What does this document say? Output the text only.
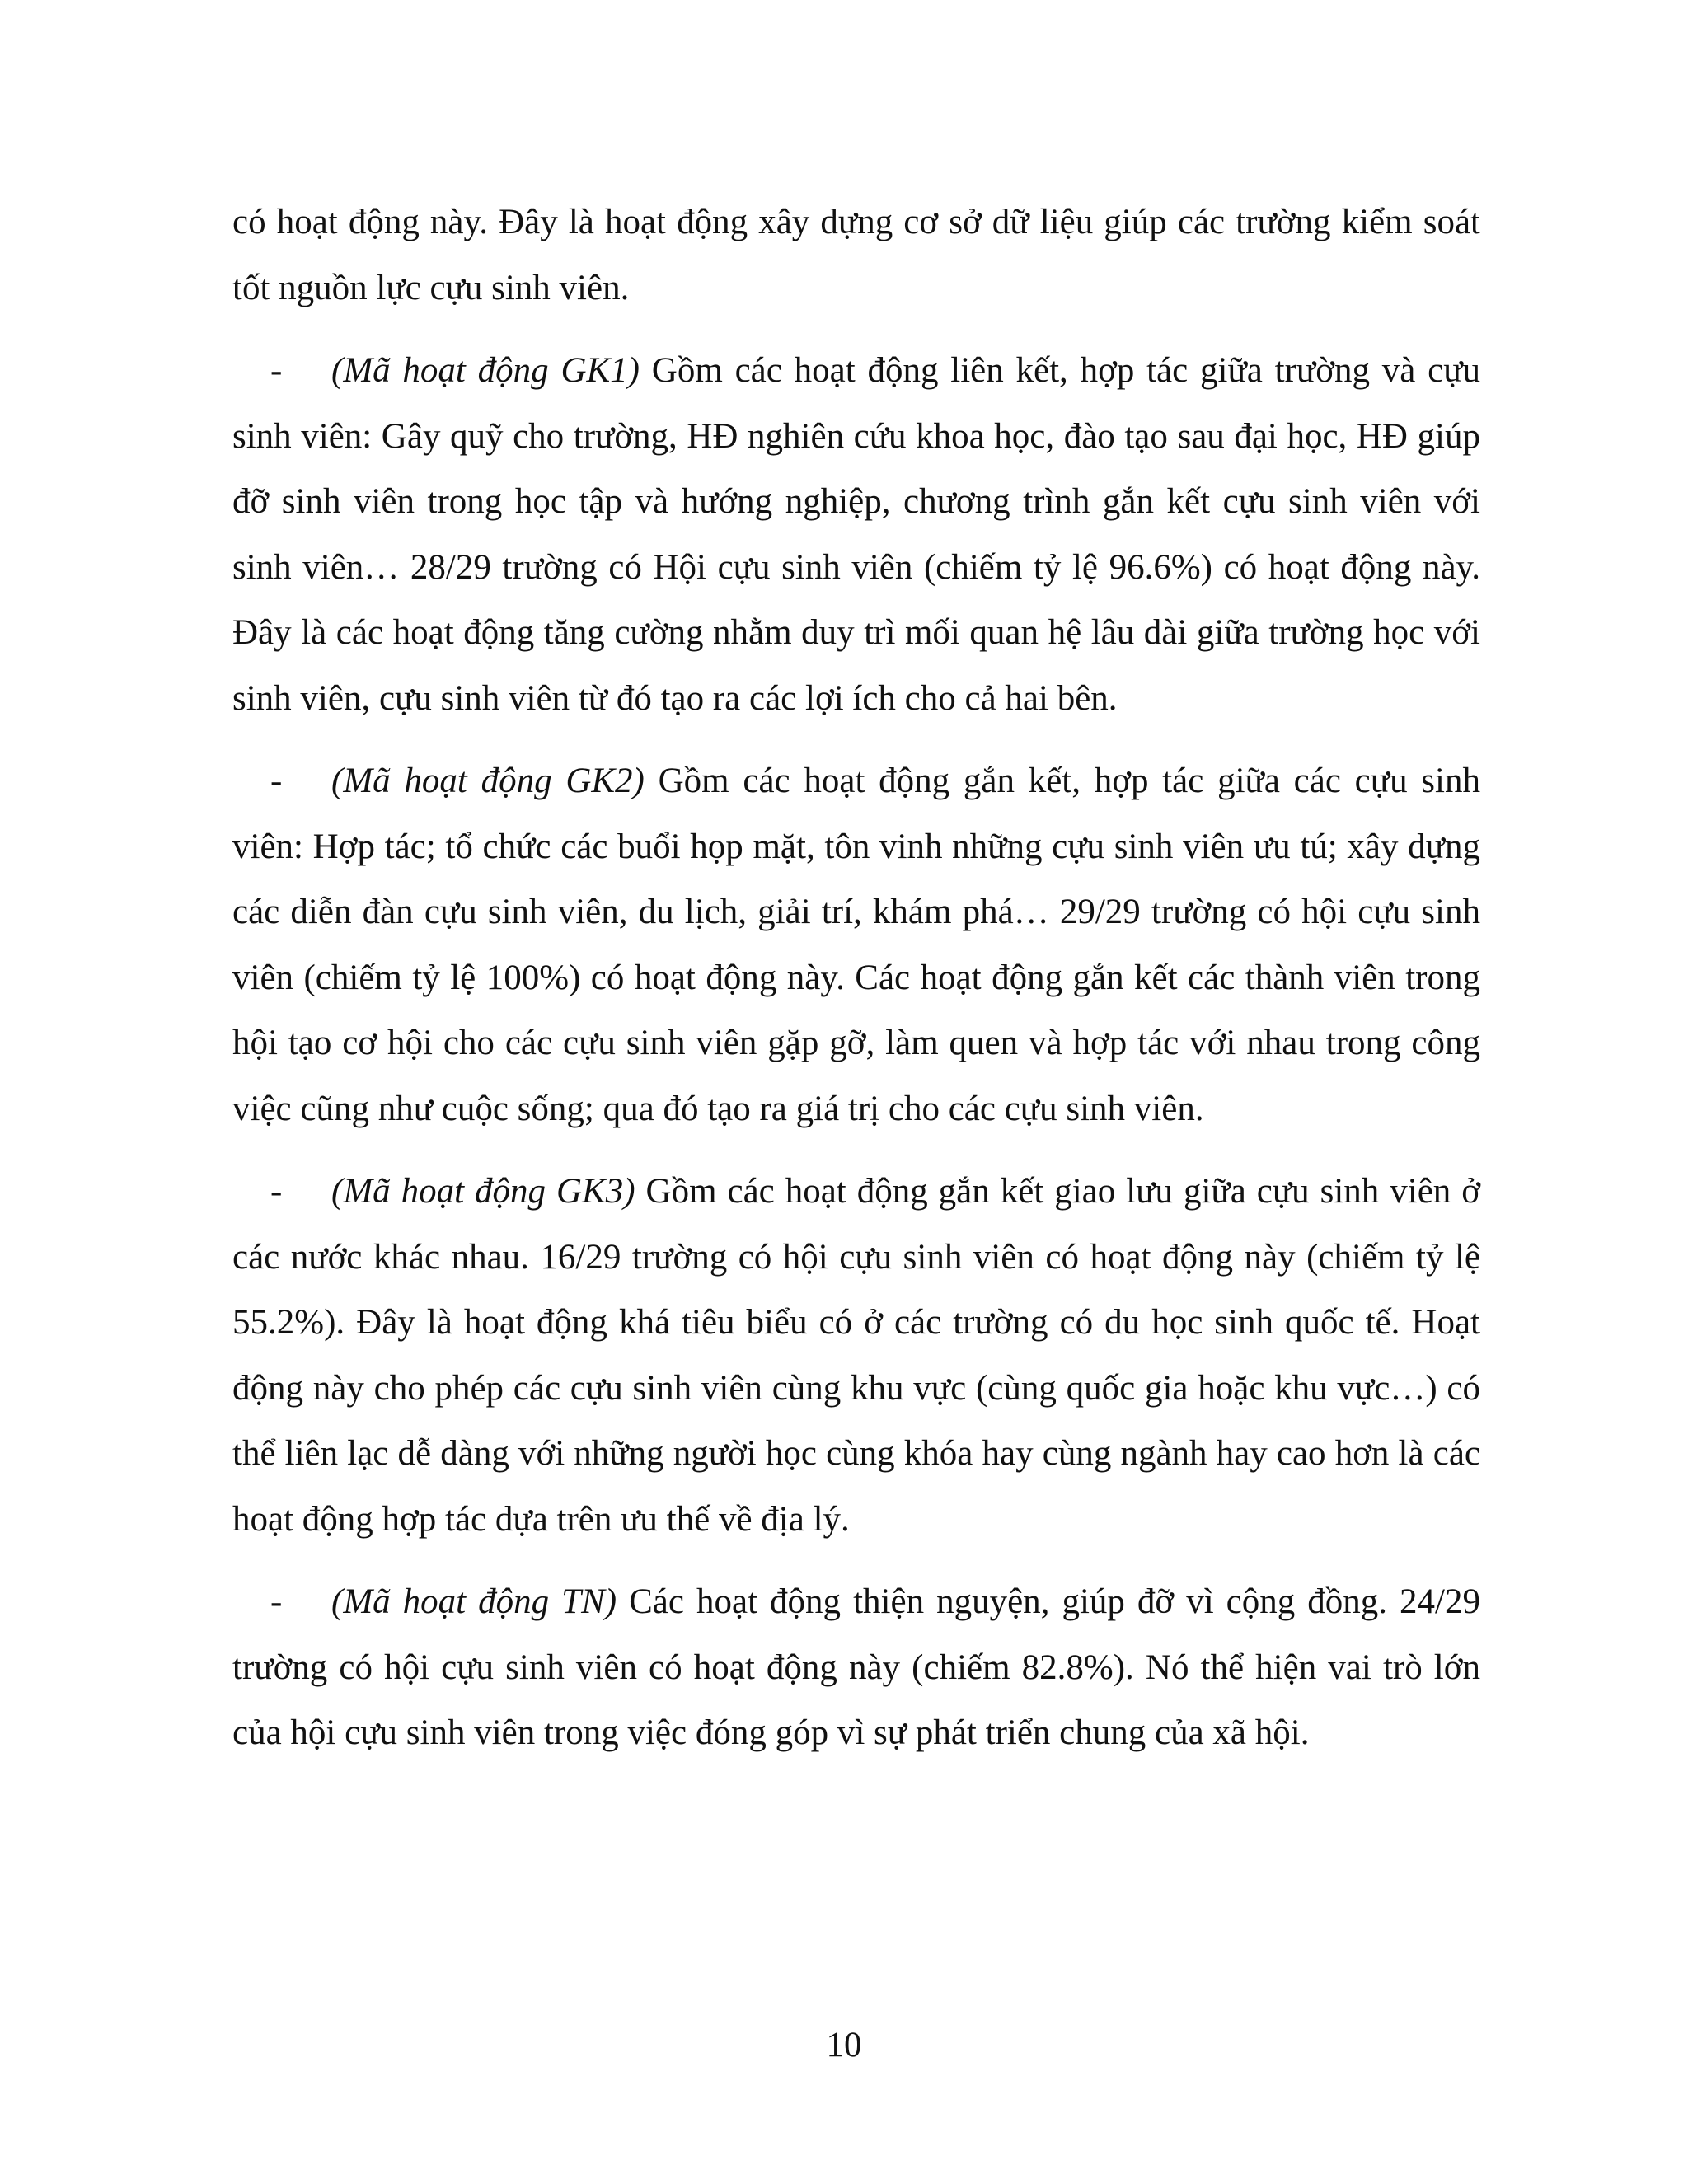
có hoạt động này. Đây là hoạt động xây dựng cơ sở dữ liệu giúp các trường kiểm soát tốt nguồn lực cựu sinh viên.

- (Mã hoạt động GK1) Gồm các hoạt động liên kết, hợp tác giữa trường và cựu sinh viên: Gây quỹ cho trường, HĐ nghiên cứu khoa học, đào tạo sau đại học, HĐ giúp đỡ sinh viên trong học tập và hướng nghiệp, chương trình gắn kết cựu sinh viên với sinh viên… 28/29 trường có Hội cựu sinh viên (chiếm tỷ lệ 96.6%) có hoạt động này. Đây là các hoạt động tăng cường nhằm duy trì mối quan hệ lâu dài giữa trường học với sinh viên, cựu sinh viên từ đó tạo ra các lợi ích cho cả hai bên.

- (Mã hoạt động GK2) Gồm các hoạt động gắn kết, hợp tác giữa các cựu sinh viên: Hợp tác; tổ chức các buổi họp mặt, tôn vinh những cựu sinh viên ưu tú; xây dựng các diễn đàn cựu sinh viên, du lịch, giải trí, khám phá… 29/29 trường có hội cựu sinh viên (chiếm tỷ lệ 100%) có hoạt động này. Các hoạt động gắn kết các thành viên trong hội tạo cơ hội cho các cựu sinh viên gặp gỡ, làm quen và hợp tác với nhau trong công việc cũng như cuộc sống; qua đó tạo ra giá trị cho các cựu sinh viên.

- (Mã hoạt động GK3) Gồm các hoạt động gắn kết giao lưu giữa cựu sinh viên ở các nước khác nhau. 16/29 trường có hội cựu sinh viên có hoạt động này (chiếm tỷ lệ 55.2%). Đây là hoạt động khá tiêu biểu có ở các trường có du học sinh quốc tế. Hoạt động này cho phép các cựu sinh viên cùng khu vực (cùng quốc gia hoặc khu vực…) có thể liên lạc dễ dàng với những người học cùng khóa hay cùng ngành hay cao hơn là các hoạt động hợp tác dựa trên ưu thế về địa lý.

- (Mã hoạt động TN) Các hoạt động thiện nguyện, giúp đỡ vì cộng đồng. 24/29 trường có hội cựu sinh viên có hoạt động này (chiếm 82.8%). Nó thể hiện vai trò lớn của hội cựu sinh viên trong việc đóng góp vì sự phát triển chung của xã hội.

10
